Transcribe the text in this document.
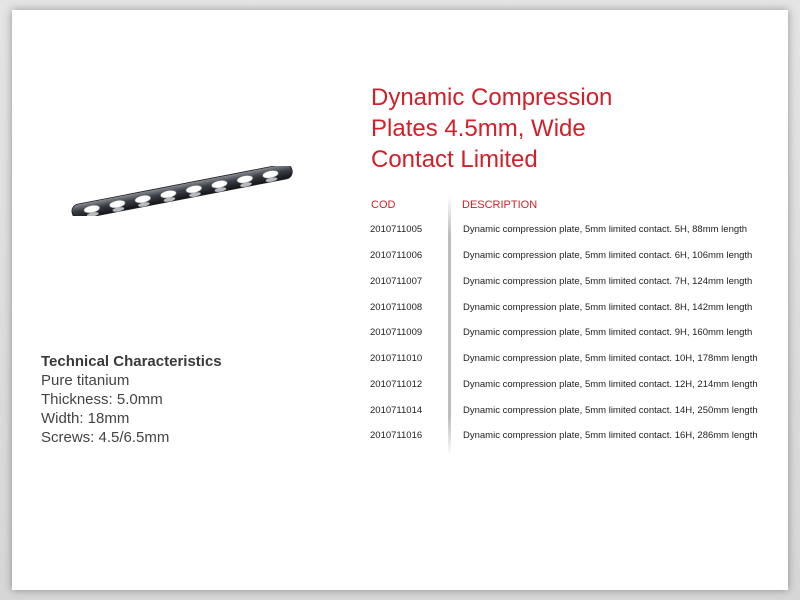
Dynamic Compression
Plates 4.5mm, Wide
Contact Limited
Technical Characteristics
Pure titanium
Thickness: 5.0mm
Width: 18mm
Screws: 4.5/6.5mm
COD	DESCRIPTION
2010711005	Dynamic compression plate, 5mm limited contact. 5H, 88mm length
2010711006	Dynamic compression plate, 5mm limited contact. 6H, 106mm length
2010711007	Dynamic compression plate, 5mm limited contact. 7H, 124mm length
2010711008	Dynamic compression plate, 5mm limited contact. 8H, 142mm length
2010711009	Dynamic compression plate, 5mm limited contact. 9H, 160mm length
2010711010	Dynamic compression plate, 5mm limited contact. 10H, 178mm length
2010711012	Dynamic compression plate, 5mm limited contact. 12H, 214mm length
2010711014	Dynamic compression plate, 5mm limited contact. 14H, 250mm length
2010711016	Dynamic compression plate, 5mm limited contact. 16H, 286mm length
